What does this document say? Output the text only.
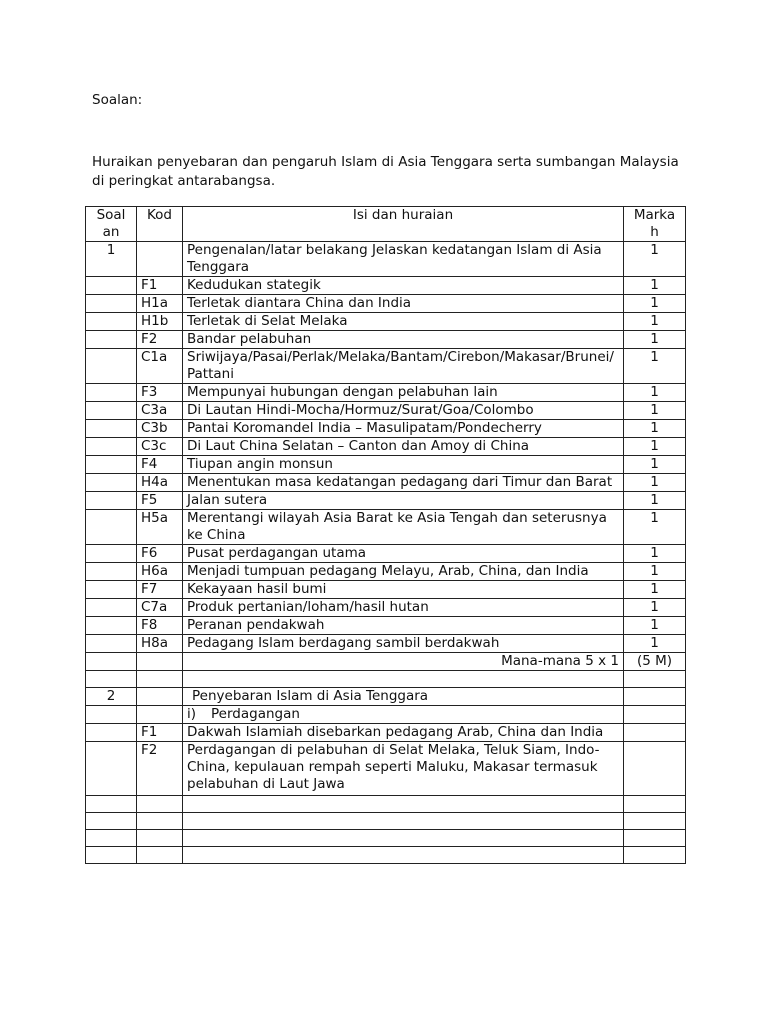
Soalan:
Huraikan penyebaran dan pengaruh Islam di Asia Tenggara serta sumbangan Malaysia di peringkat antarabangsa.
Soal an	Kod	Isi dan huraian	Marka h
1		Pengenalan/latar belakang Jelaskan kedatangan Islam di Asia Tenggara	1
	F1	Kedudukan stategik	1
	H1a	Terletak diantara China dan India	1
	H1b	Terletak di Selat Melaka	1
	F2	Bandar pelabuhan	1
	C1a	Sriwijaya/Pasai/Perlak/Melaka/Bantam/Cirebon/Makasar/Brunei/Pattani	1
	F3	Mempunyai hubungan dengan pelabuhan lain	1
	C3a	Di Lautan Hindi-Mocha/Hormuz/Surat/Goa/Colombo	1
	C3b	Pantai Koromandel India – Masulipatam/Pondecherry	1
	C3c	Di Laut China Selatan – Canton dan Amoy di China	1
	F4	Tiupan angin monsun	1
	H4a	Menentukan masa kedatangan pedagang dari Timur dan Barat	1
	F5	Jalan sutera	1
	H5a	Merentangi wilayah Asia Barat ke Asia Tengah dan seterusnya ke China	1
	F6	Pusat perdagangan utama	1
	H6a	Menjadi tumpuan pedagang Melayu, Arab, China, dan India	1
	F7	Kekayaan hasil bumi	1
	C7a	Produk pertanian/loham/hasil hutan	1
	F8	Peranan pendakwah	1
	H8a	Pedagang Islam berdagang sambil berdakwah	1
		Mana-mana 5 x 1	(5 M)

2		Penyebaran Islam di Asia Tenggara	
		i) Perdagangan	
	F1	Dakwah Islamiah disebarkan pedagang Arab, China dan India	
	F2	Perdagangan di pelabuhan di Selat Melaka, Teluk Siam, Indo-China, kepulauan rempah seperti Maluku, Makasar termasuk pelabuhan di Laut Jawa	
